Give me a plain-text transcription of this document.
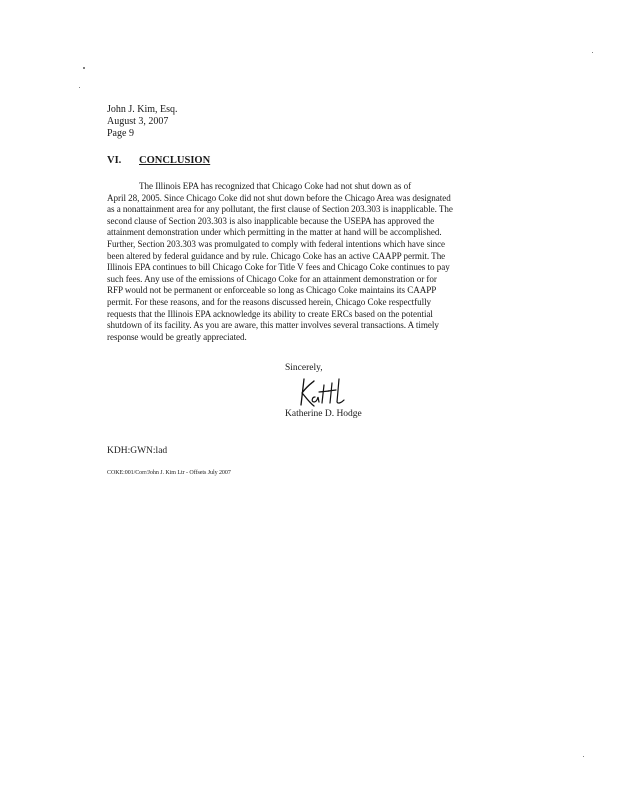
John J. Kim, Esq.
August 3, 2007
Page 9
VI. CONCLUSION
The Illinois EPA has recognized that Chicago Coke had not shut down as of
April 28, 2005. Since Chicago Coke did not shut down before the Chicago Area was designated
as a nonattainment area for any pollutant, the first clause of Section 203.303 is inapplicable. The
second clause of Section 203.303 is also inapplicable because the USEPA has approved the
attainment demonstration under which permitting in the matter at hand will be accomplished.
Further, Section 203.303 was promulgated to comply with federal intentions which have since
been altered by federal guidance and by rule. Chicago Coke has an active CAAPP permit. The
Illinois EPA continues to bill Chicago Coke for Title V fees and Chicago Coke continues to pay
such fees. Any use of the emissions of Chicago Coke for an attainment demonstration or for
RFP would not be permanent or enforceable so long as Chicago Coke maintains its CAAPP
permit. For these reasons, and for the reasons discussed herein, Chicago Coke respectfully
requests that the Illinois EPA acknowledge its ability to create ERCs based on the potential
shutdown of its facility. As you are aware, this matter involves several transactions. A timely
response would be greatly appreciated.
Sincerely,
Katherine D. Hodge
KDH:GWN:lad
COKE:001/Corr/John J. Kim Ltr - Offsets July 2007
